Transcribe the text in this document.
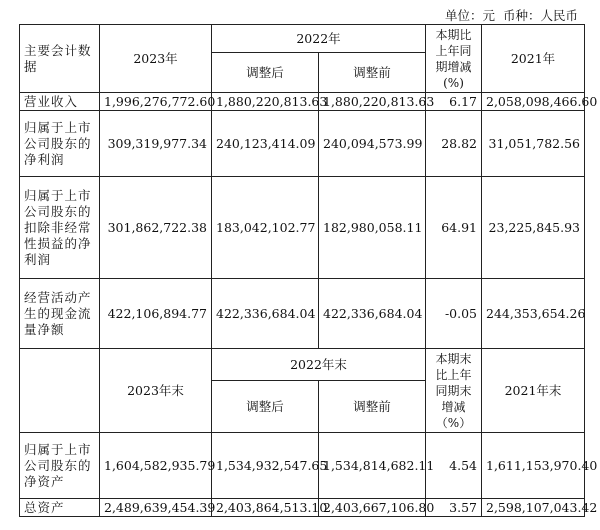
单位：元 币种：人民币
主要会计数据	2023年	2022年		本期比上年同期增减(%)	2021年
		调整后	调整前		
营业收入	1,996,276,772.60	1,880,220,813.63	1,880,220,813.63	6.17	2,058,098,466.60
归属于上市公司股东的净利润	309,319,977.34	240,123,414.09	240,094,573.99	28.82	31,051,782.56
归属于上市公司股东的扣除非经常性损益的净利润	301,862,722.38	183,042,102.77	182,980,058.11	64.91	23,225,845.93
经营活动产生的现金流量净额	422,106,894.77	422,336,684.04	422,336,684.04	-0.05	244,353,654.26
	2023年末	2022年末		本期末比上年同期末增减（%）	2021年末
		调整后	调整前		
归属于上市公司股东的净资产	1,604,582,935.79	1,534,932,547.65	1,534,814,682.11	4.54	1,611,153,970.40
总资产	2,489,639,454.39	2,403,864,513.10	2,403,667,106.80	3.57	2,598,107,043.42
